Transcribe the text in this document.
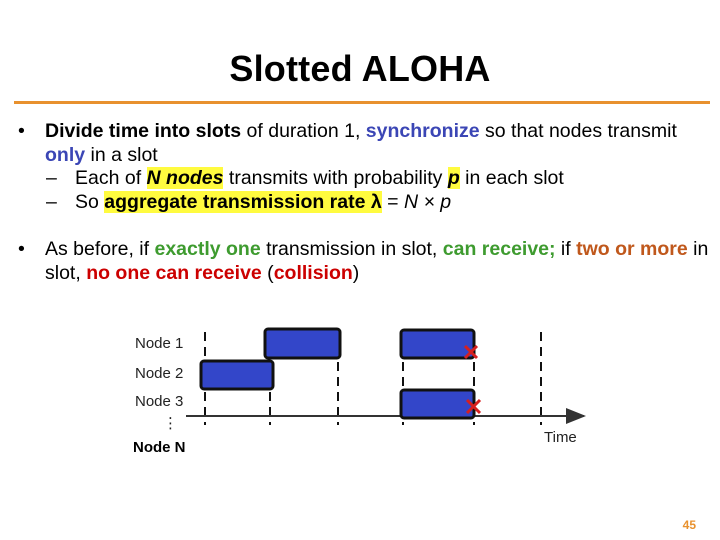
Slotted ALOHA
• Divide time into slots of duration 1, synchronize so that nodes transmit only in a slot
– Each of N nodes transmits with probability p in each slot
– So aggregate transmission rate λ = N × p
• As before, if exactly one transmission in slot, can receive; if two or more in slot, no one can receive (collision)
Node 1
Node 2
Node 3
⋮
Node N
Time
45
